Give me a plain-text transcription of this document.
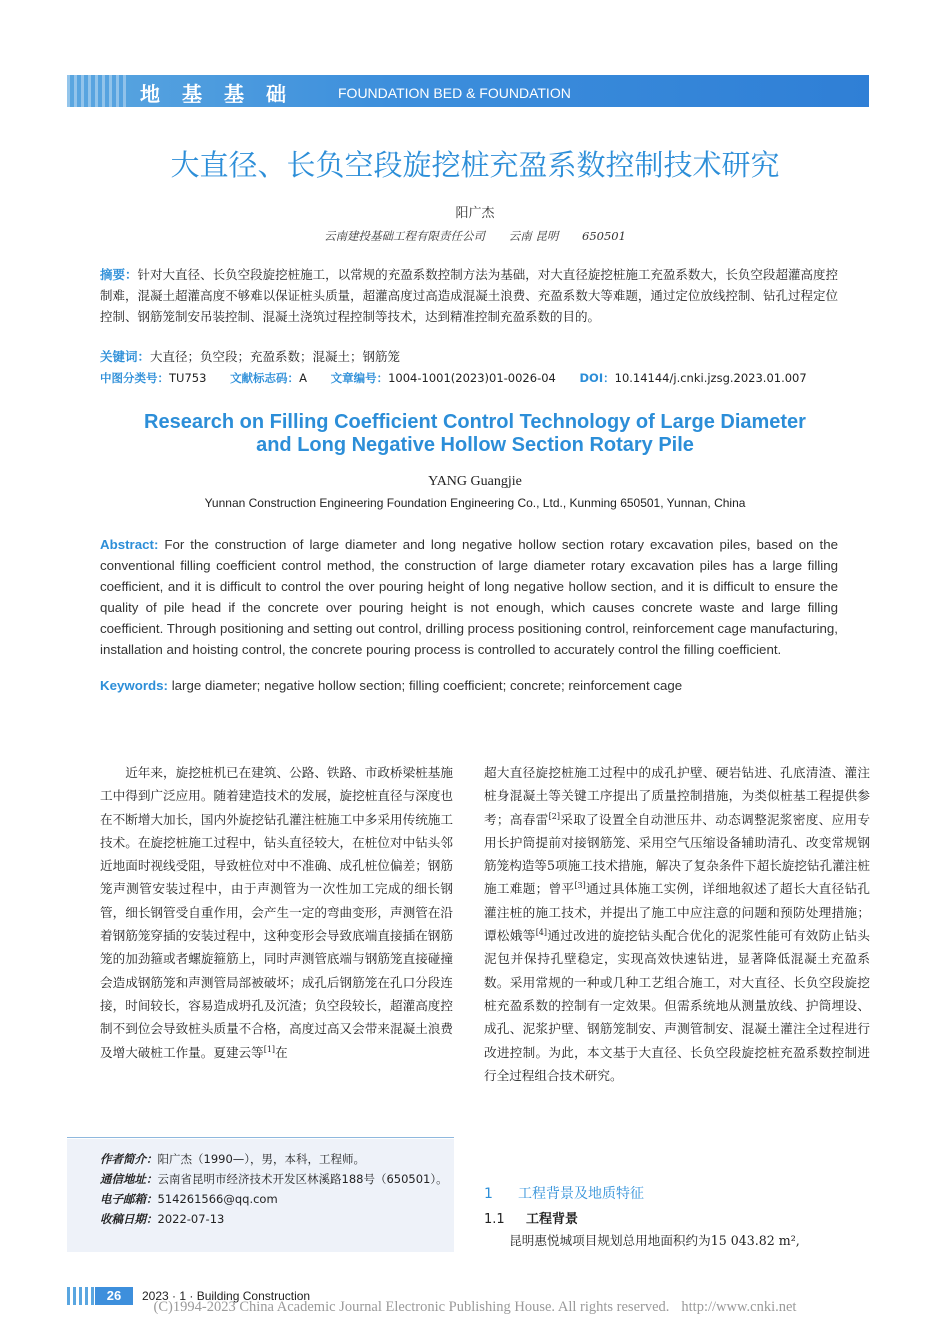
地基基础 FOUNDATION BED & FOUNDATION
大直径、长负空段旋挖桩充盈系数控制技术研究
阳广杰
云南建投基础工程有限责任公司 云南 昆明 650501
摘要：针对大直径、长负空段旋挖桩施工，以常规的充盈系数控制方法为基础，对大直径旋挖桩施工充盈系数大，长负空段超灌高度控制难，混凝土超灌高度不够难以保证桩头质量，超灌高度过高造成混凝土浪费、充盈系数大等难题，通过定位放线控制、钻孔过程定位控制、钢筋笼制安吊装控制、混凝土浇筑过程控制等技术，达到精准控制充盈系数的目的。
关键词：大直径；负空段；充盈系数；混凝土；钢筋笼
中图分类号：TU753 文献标志码：A 文章编号：1004-1001(2023)01-0026-04 DOI：10.14144/j.cnki.jzsg.2023.01.007
Research on Filling Coefficient Control Technology of Large Diameter
and Long Negative Hollow Section Rotary Pile
YANG Guangjie
Yunnan Construction Engineering Foundation Engineering Co., Ltd., Kunming 650501, Yunnan, China
Abstract: For the construction of large diameter and long negative hollow section rotary excavation piles, based on the conventional filling coefficient control method, the construction of large diameter rotary excavation piles has a large filling coefficient, and it is difficult to control the over pouring height of long negative hollow section, and it is difficult to ensure the quality of pile head if the concrete over pouring height is not enough, which causes concrete waste and large filling coefficient. Through positioning and setting out control, drilling process positioning control, reinforcement cage manufacturing, installation and hoisting control, the concrete pouring process is controlled to accurately control the filling coefficient.
Keywords: large diameter; negative hollow section; filling coefficient; concrete; reinforcement cage
近年来，旋挖桩机已在建筑、公路、铁路、市政桥梁桩基施工中得到广泛应用。随着建造技术的发展，旋挖桩直径与深度也在不断增大加长，国内外旋挖钻孔灌注桩施工中多采用传统施工技术。在旋挖桩施工过程中，钻头直径较大，在桩位对中钻头邻近地面时视线受阻，导致桩位对中不准确、成孔桩位偏差；钢筋笼声测管安装过程中，由于声测管为一次性加工完成的细长钢管，细长钢管受自重作用，会产生一定的弯曲变形，声测管在沿着钢筋笼穿插的安装过程中，这种变形会导致底端直接插在钢筋笼的加劲箍或者螺旋箍筋上，同时声测管底端与钢筋笼直接碰撞会造成钢筋笼和声测管局部被破坏；成孔后钢筋笼在孔口分段连接，时间较长，容易造成坍孔及沉渣；负空段较长，超灌高度控制不到位会导致桩头质量不合格，高度过高又会带来混凝土浪费及增大破桩工作量。夏建云等[1]在
超大直径旋挖桩施工过程中的成孔护壁、硬岩钻进、孔底清渣、灌注桩身混凝土等关键工序提出了质量控制措施，为类似桩基工程提供参考；高春雷[2]采取了设置全自动泄压井、动态调整泥浆密度、应用专用长护筒提前对接钢筋笼、采用空气压缩设备辅助清孔、改变常规钢筋笼构造等5项施工技术措施，解决了复杂条件下超长旋挖钻孔灌注桩施工难题；曾平[3]通过具体施工实例，详细地叙述了超长大直径钻孔灌注桩的施工技术，并提出了施工中应注意的问题和预防处理措施；谭松娥等[4]通过改进的旋挖钻头配合优化的泥浆性能可有效防止钻头泥包并保持孔壁稳定，实现高效快速钻进，显著降低混凝土充盈系数。采用常规的一种或几种工艺组合施工，对大直径、长负空段旋挖桩充盈系数的控制有一定效果。但需系统地从测量放线、护筒埋设、成孔、泥浆护壁、钢筋笼制安、声测管制安、混凝土灌注全过程进行改进控制。为此，本文基于大直径、长负空段旋挖桩充盈系数控制进行全过程组合技术研究。
作者简介：阳广杰（1990—），男，本科，工程师。
通信地址：云南省昆明市经济技术开发区林溪路188号（650501）。
电子邮箱：514261566@qq.com
收稿日期：2022-07-13
1 工程背景及地质特征
1.1 工程背景
昆明惠悦城项目规划总用地面积约为15 043.82 m²,
26	2023 · 1 · Building Construction
(C)1994-2023 China Academic Journal Electronic Publishing House. All rights reserved. http://www.cnki.net
